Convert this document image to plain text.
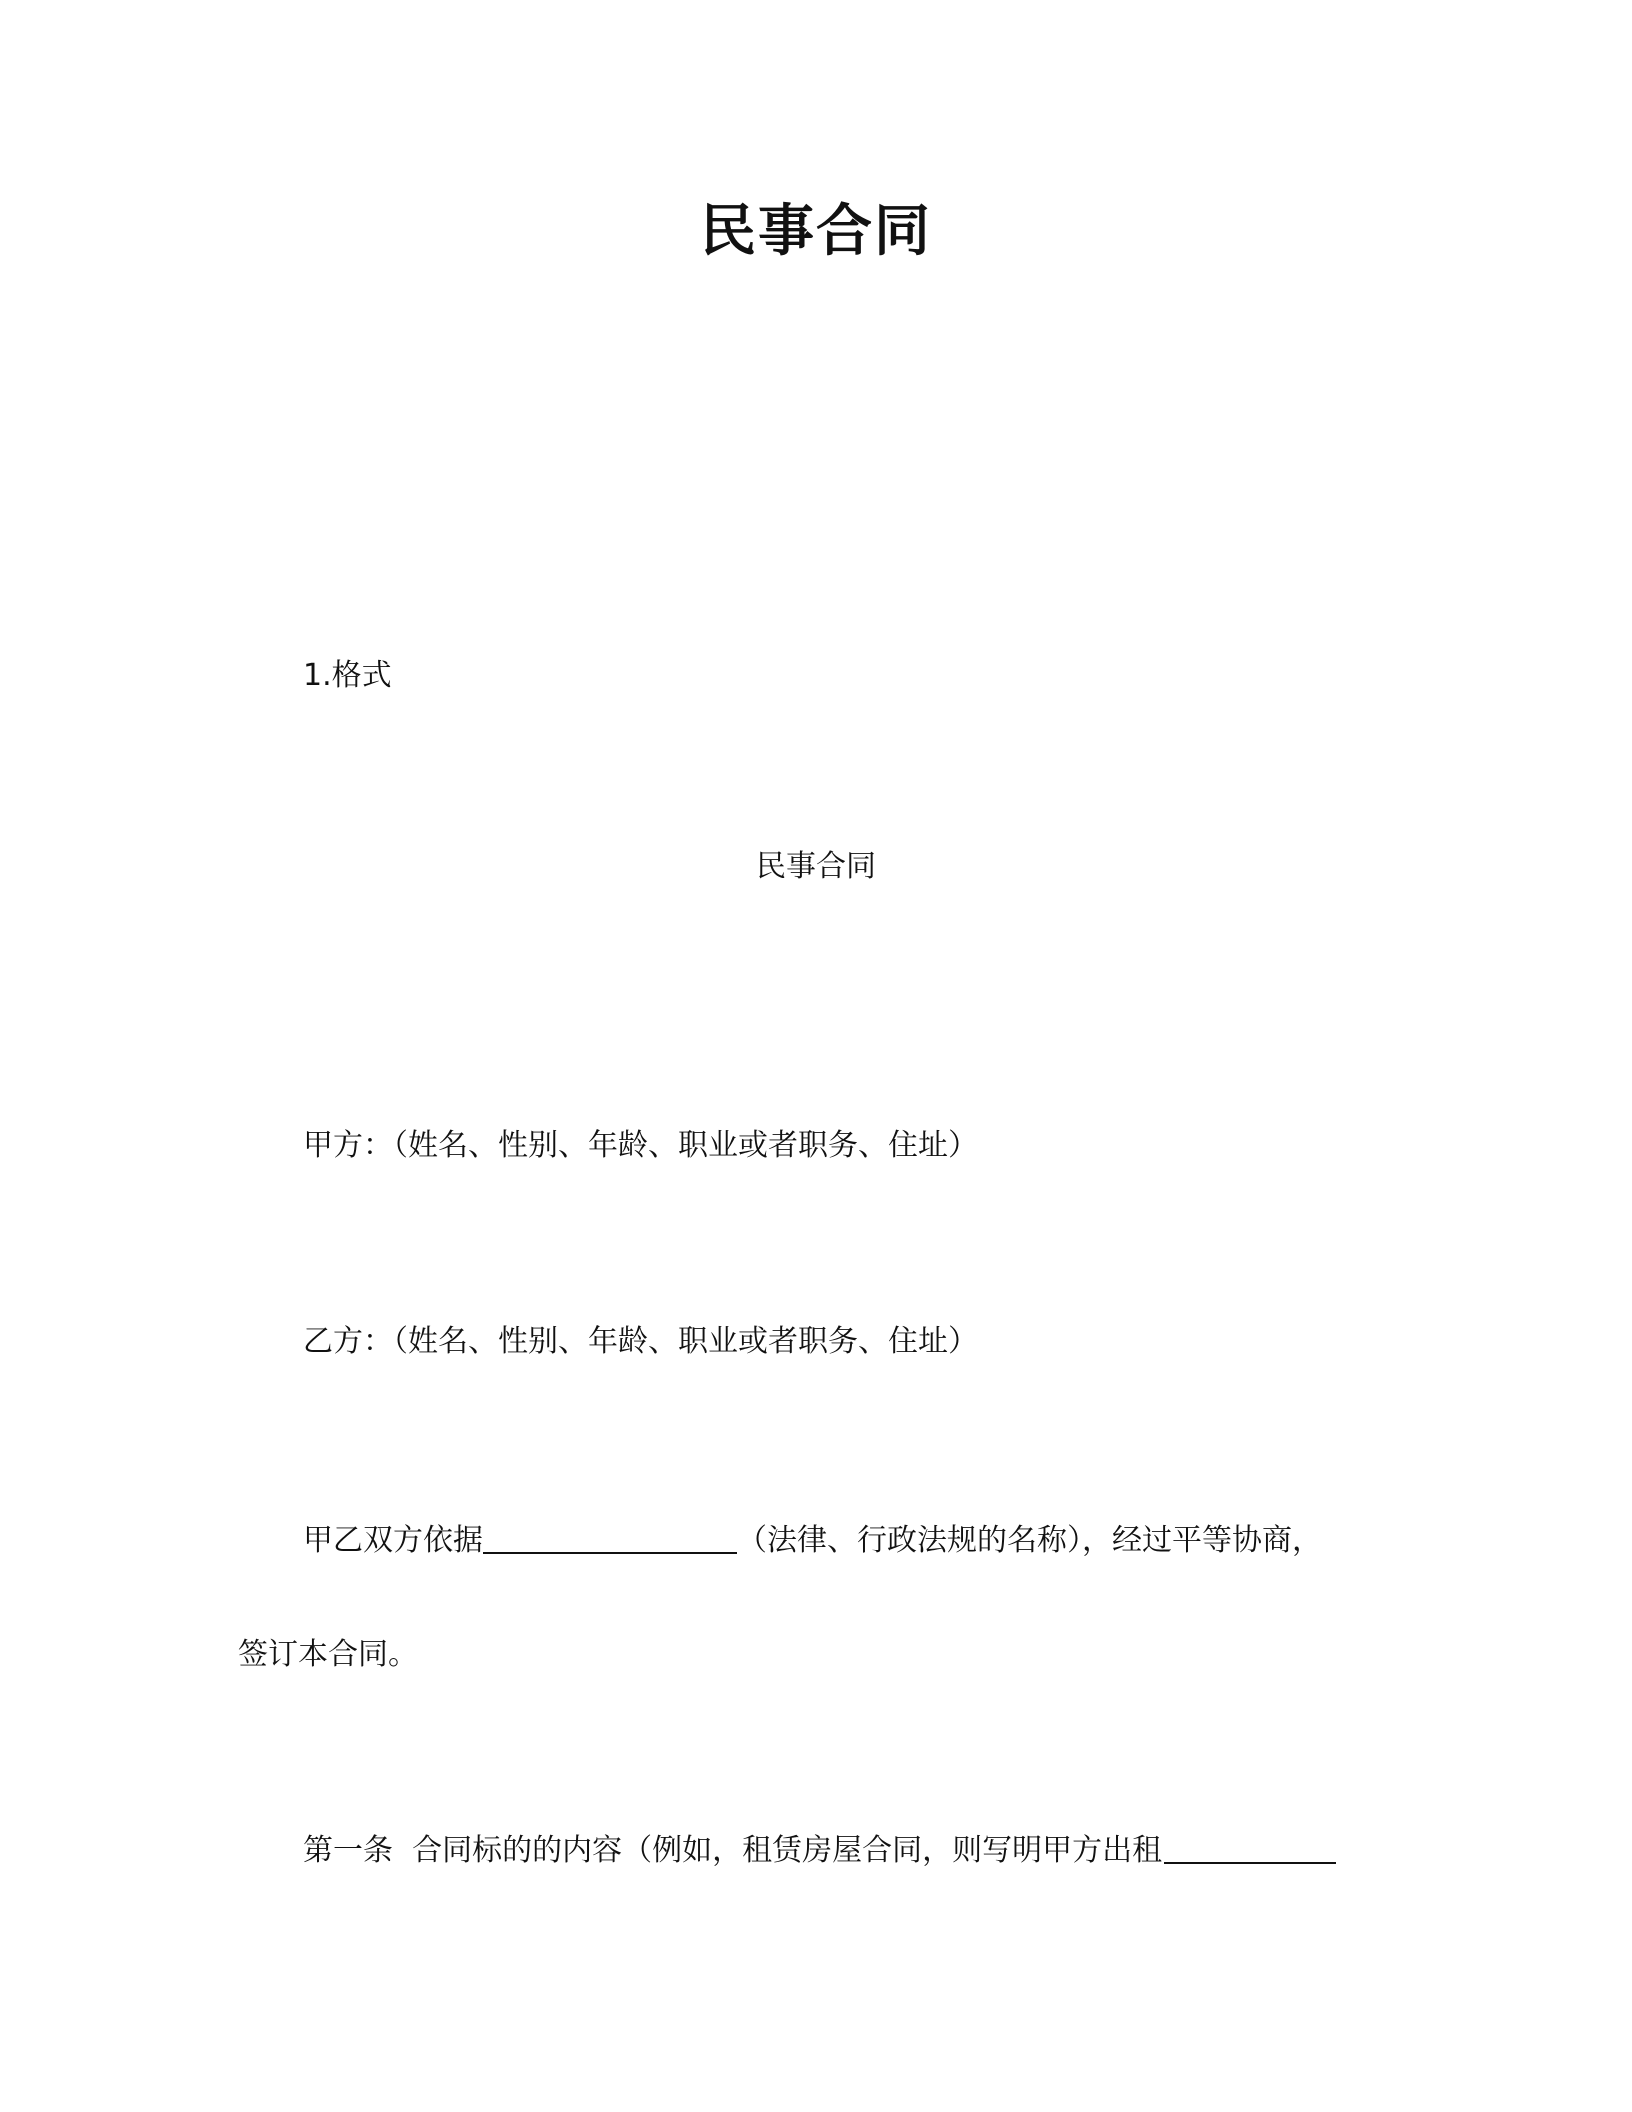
民事合同
1.格式
民事合同
甲方：（姓名、性别、年龄、职业或者职务、住址）
乙方：（姓名、性别、年龄、职业或者职务、住址）
甲乙双方依据	（法律、行政法规的名称），经过平等协商，
签订本合同。
第一条  合同标的的内容（例如，租赁房屋合同，则写明甲方出租
